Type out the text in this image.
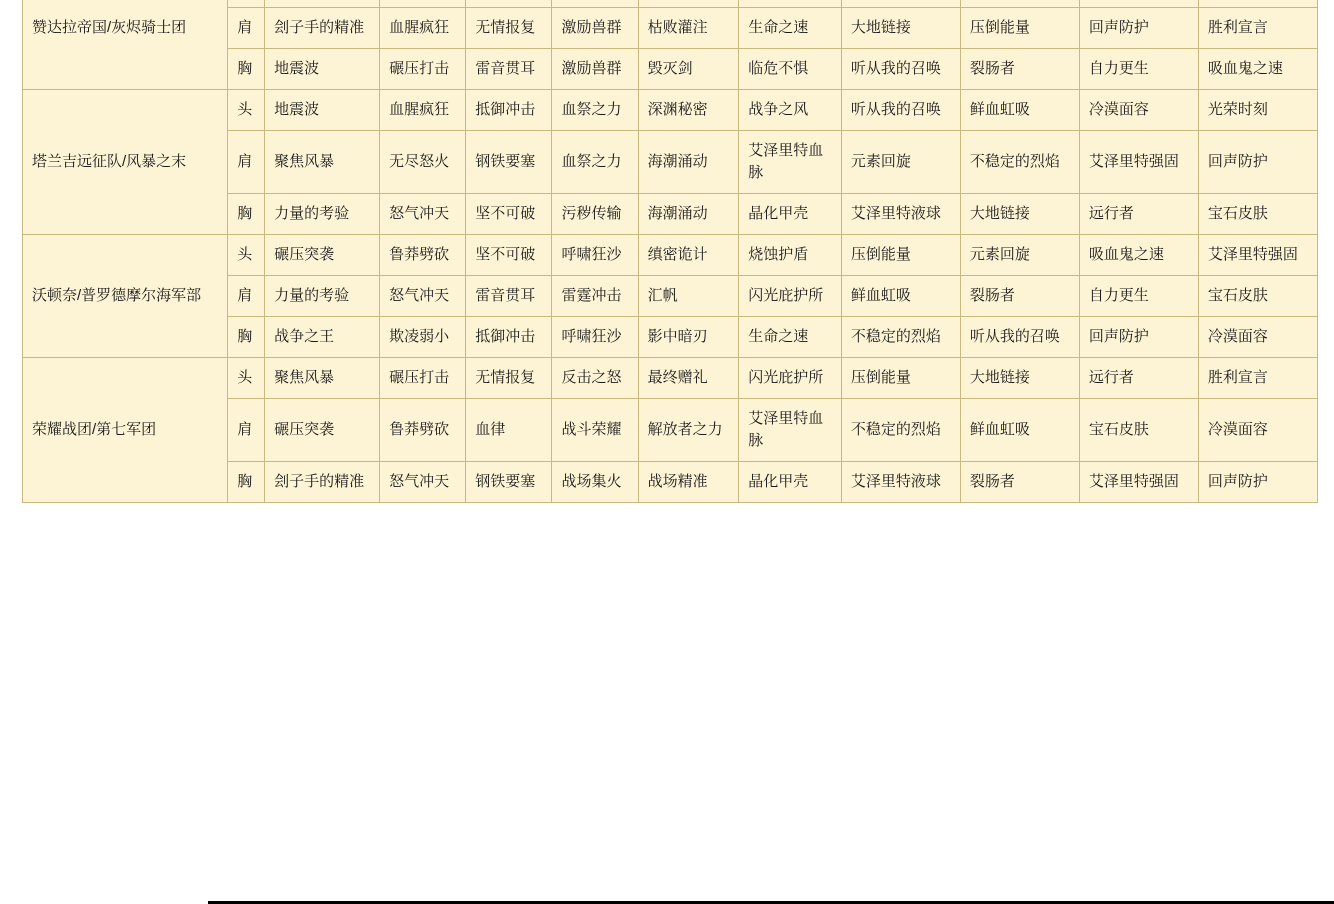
赞达拉帝国/灰烬骑士团											
	肩	刽子手的精准	血腥疯狂	无情报复	激励兽群	枯败灌注	生命之速	大地链接	压倒能量	回声防护	胜利宣言
	胸	地震波	碾压打击	雷音贯耳	激励兽群	毁灭剑	临危不惧	听从我的召唤	裂肠者	自力更生	吸血鬼之速
塔兰吉远征队/风暴之末	头	地震波	血腥疯狂	抵御冲击	血祭之力	深渊秘密	战争之风	听从我的召唤	鲜血虹吸	冷漠面容	光荣时刻
	肩	聚焦风暴	无尽怒火	钢铁要塞	血祭之力	海潮涌动	艾泽里特血脉	元素回旋	不稳定的烈焰	艾泽里特强固	回声防护
	胸	力量的考验	怒气冲天	坚不可破	污秽传输	海潮涌动	晶化甲壳	艾泽里特液球	大地链接	远行者	宝石皮肤
沃顿奈/普罗德摩尔海军部	头	碾压突袭	鲁莽劈砍	坚不可破	呼啸狂沙	缜密诡计	烧蚀护盾	压倒能量	元素回旋	吸血鬼之速	艾泽里特强固
	肩	力量的考验	怒气冲天	雷音贯耳	雷霆冲击	汇帆	闪光庇护所	鲜血虹吸	裂肠者	自力更生	宝石皮肤
	胸	战争之王	欺凌弱小	抵御冲击	呼啸狂沙	影中暗刃	生命之速	不稳定的烈焰	听从我的召唤	回声防护	冷漠面容
荣耀战团/第七军团	头	聚焦风暴	碾压打击	无情报复	反击之怒	最终赠礼	闪光庇护所	压倒能量	大地链接	远行者	胜利宣言
	肩	碾压突袭	鲁莽劈砍	血律	战斗荣耀	解放者之力	艾泽里特血脉	不稳定的烈焰	鲜血虹吸	宝石皮肤	冷漠面容
	胸	刽子手的精准	怒气冲天	钢铁要塞	战场集火	战场精准	晶化甲壳	艾泽里特液球	裂肠者	艾泽里特强固	回声防护
